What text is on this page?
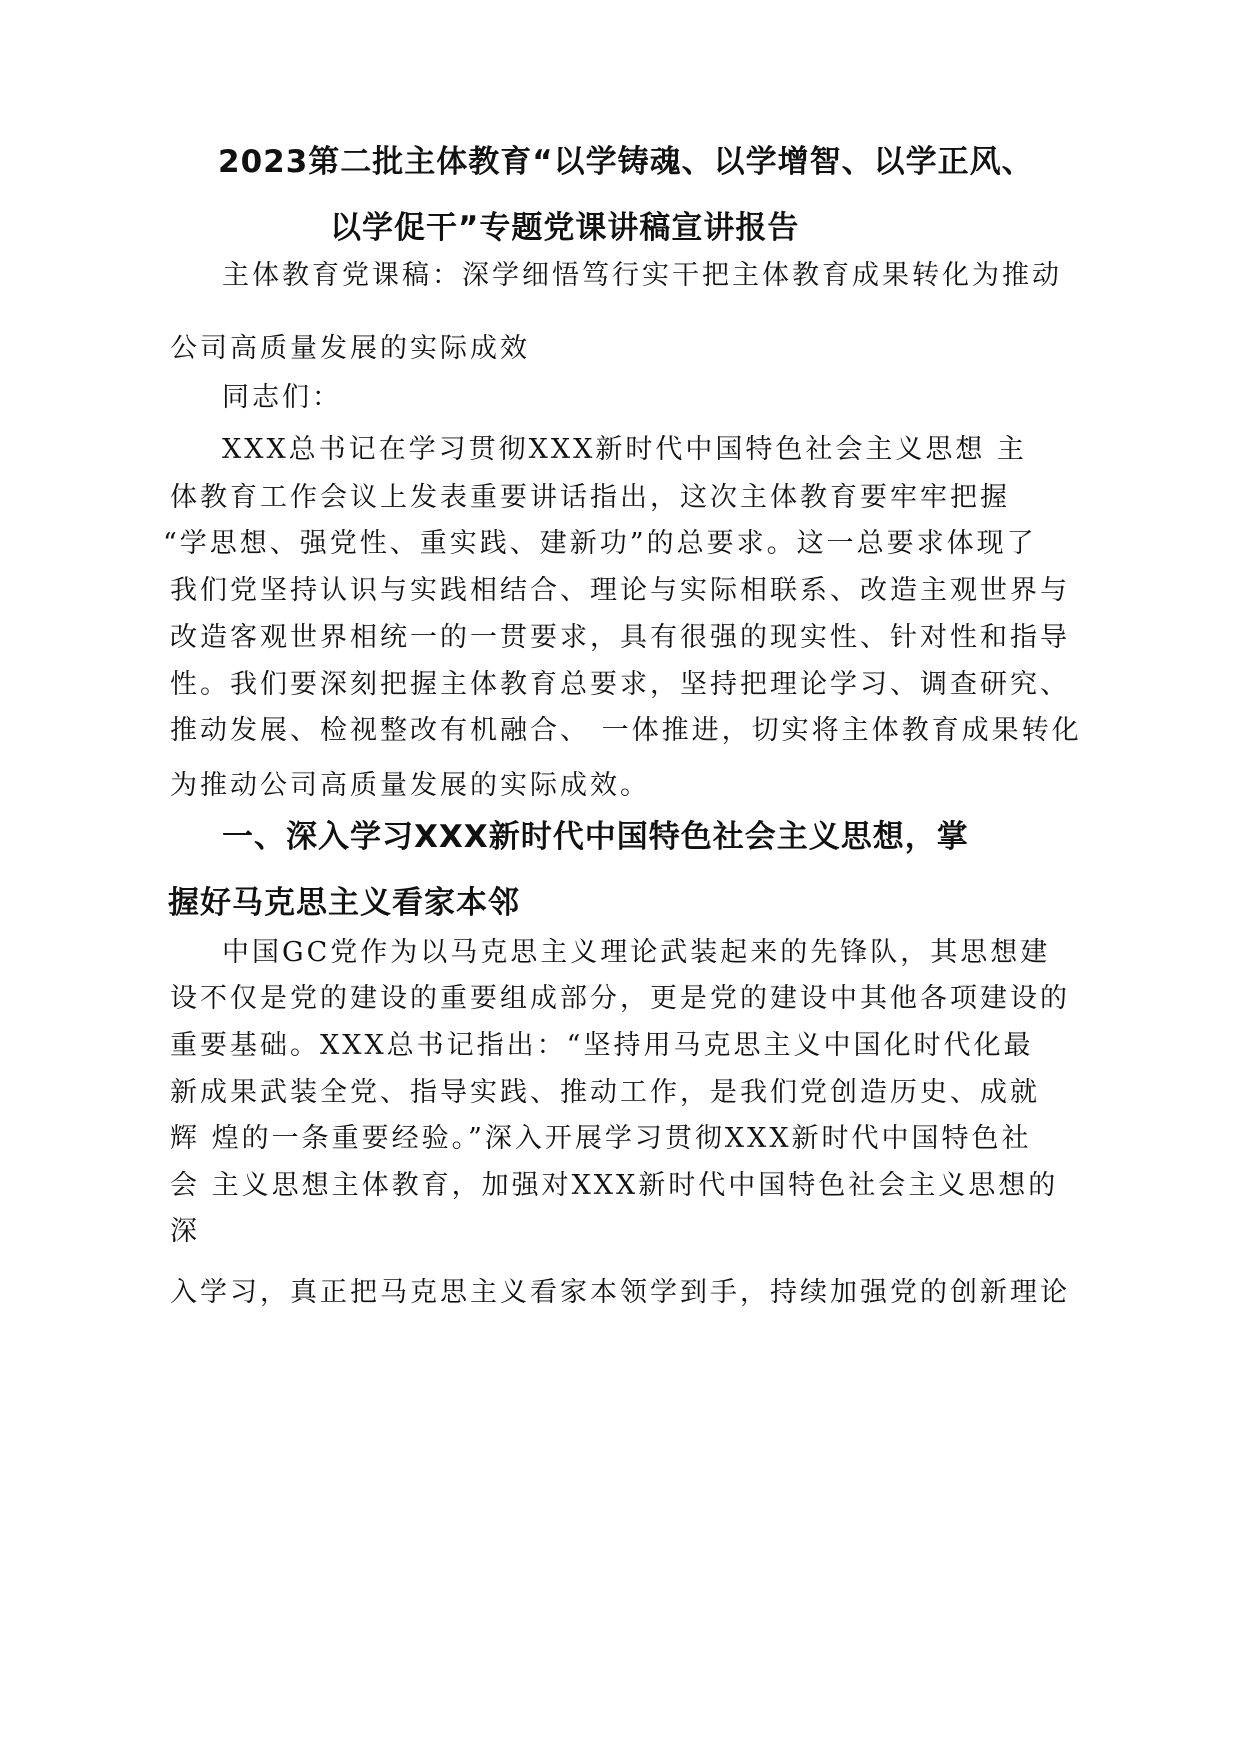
2023第二批主体教育“以学铸魂、以学增智、以学正风、
以学促干”专题党课讲稿宣讲报告
主体教育党课稿：深学细悟笃行实干把主体教育成果转化为推动
公司高质量发展的实际成效
同志们：
XXX总书记在学习贯彻XXX新时代中国特色社会主义思想 主
体教育工作会议上发表重要讲话指出，这次主体教育要牢牢把握
“学思想、强党性、重实践、建新功”的总要求。这一总要求体现了
我们党坚持认识与实践相结合、理论与实际相联系、改造主观世界与
改造客观世界相统一的一贯要求，具有很强的现实性、针对性和指导
性。我们要深刻把握主体教育总要求，坚持把理论学习、调查研究、
推动发展、检视整改有机融合、 一体推进，切实将主体教育成果转化
为推动公司高质量发展的实际成效。
一、深入学习XXX新时代中国特色社会主义思想，掌
握好马克思主义看家本邻
中国GC党作为以马克思主义理论武装起来的先锋队，其思想建
设不仅是党的建设的重要组成部分，更是党的建设中其他各项建设的
重要基础。XXX总书记指出：“坚持用马克思主义中国化时代化最
新成果武装全党、指导实践、推动工作，是我们党创造历史、成就
辉 煌的一条重要经验。”深入开展学习贯彻XXX新时代中国特色社
会 主义思想主体教育，加强对XXX新时代中国特色社会主义思想的
深
入学习，真正把马克思主义看家本领学到手，持续加强党的创新理论
